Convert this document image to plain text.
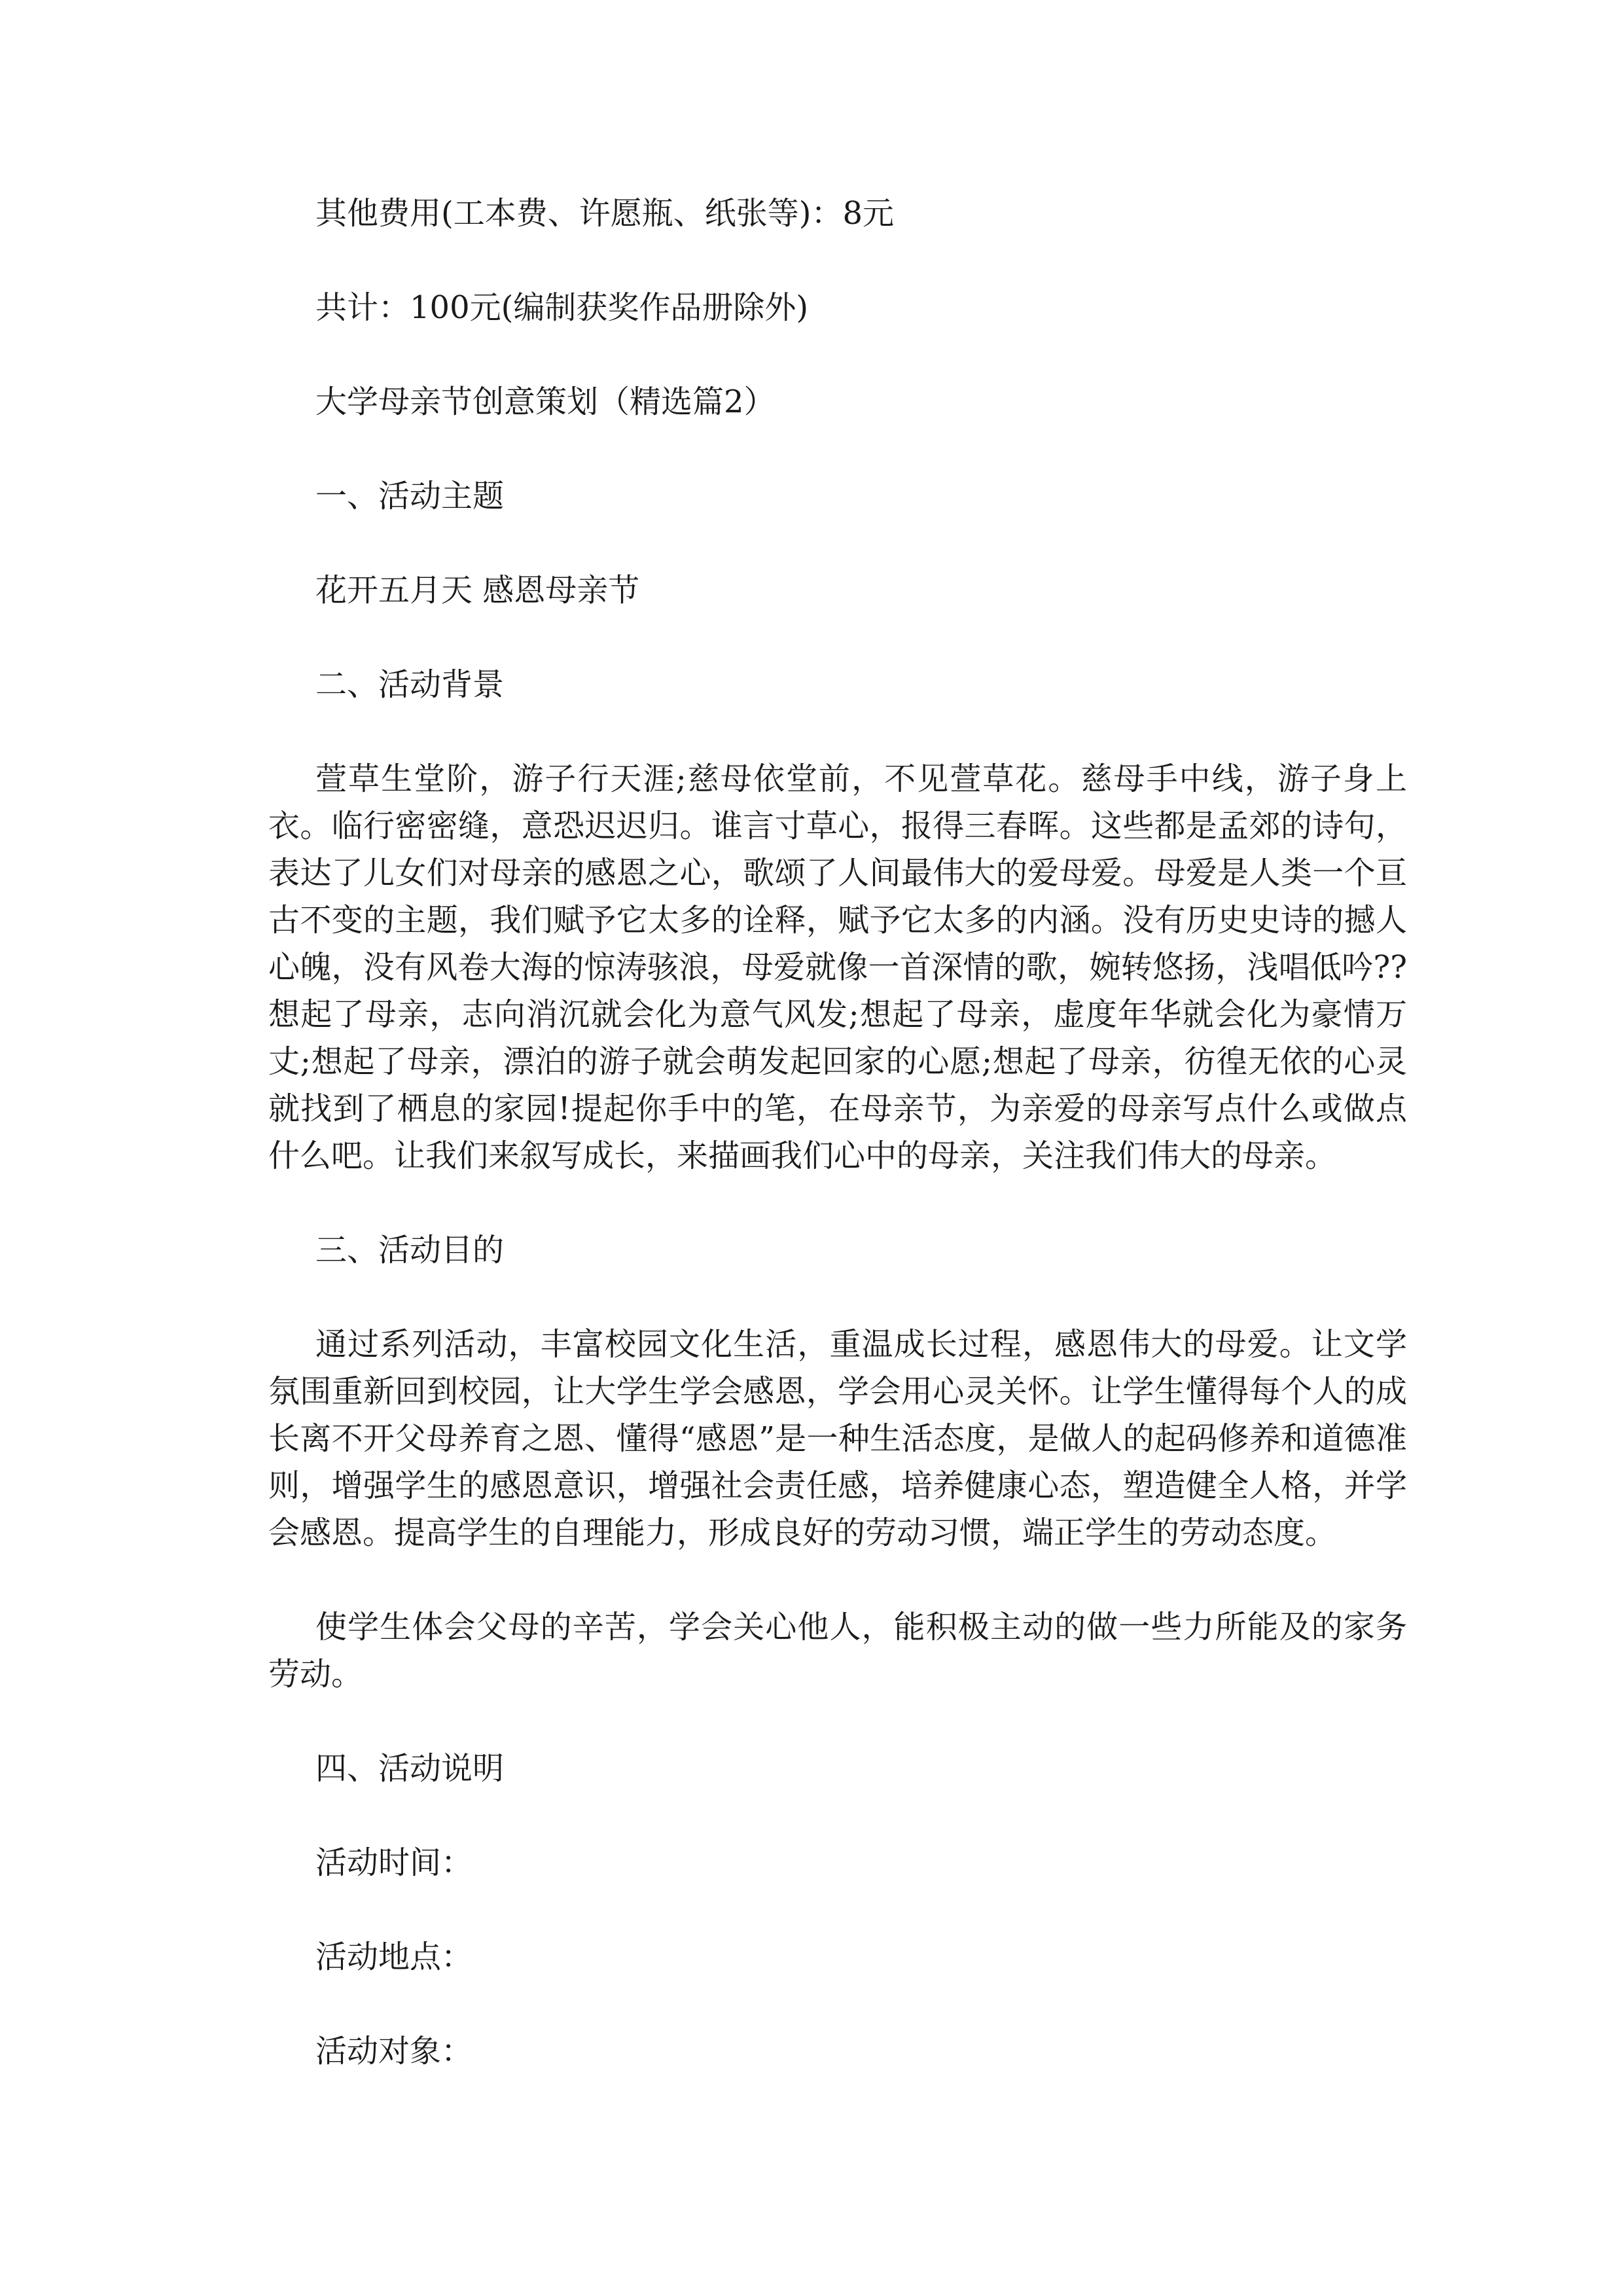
其他费用(工本费、许愿瓶、纸张等)：8元
共计：100元(编制获奖作品册除外)
大学母亲节创意策划（精选篇2）
一、活动主题
花开五月天 感恩母亲节
二、活动背景

萱草生堂阶，游子行天涯;慈母依堂前，不见萱草花。慈母手中线，游子身上衣。临行密密缝，意恐迟迟归。谁言寸草心，报得三春晖。这些都是孟郊的诗句，表达了儿女们对母亲的感恩之心，歌颂了人间最伟大的爱母爱。母爱是人类一个亘古不变的主题，我们赋予它太多的诠释，赋予它太多的内涵。没有历史史诗的撼人心魄，没有风卷大海的惊涛骇浪，母爱就像一首深情的歌，婉转悠扬，浅唱低吟??想起了母亲，志向消沉就会化为意气风发;想起了母亲，虚度年华就会化为豪情万丈;想起了母亲，漂泊的游子就会萌发起回家的心愿;想起了母亲，彷徨无依的心灵就找到了栖息的家园!提起你手中的笔，在母亲节，为亲爱的母亲写点什么或做点什么吧。让我们来叙写成长，来描画我们心中的母亲，关注我们伟大的母亲。

三、活动目的

通过系列活动，丰富校园文化生活，重温成长过程，感恩伟大的母爱。让文学氛围重新回到校园，让大学生学会感恩，学会用心灵关怀。让学生懂得每个人的成长离不开父母养育之恩、懂得“感恩”是一种生活态度，是做人的起码修养和道德准则，增强学生的感恩意识，增强社会责任感，培养健康心态，塑造健全人格，并学会感恩。提高学生的自理能力，形成良好的劳动习惯，端正学生的劳动态度。

使学生体会父母的辛苦，学会关心他人，能积极主动的做一些力所能及的家务劳动。

四、活动说明
活动时间：
活动地点：
活动对象：
